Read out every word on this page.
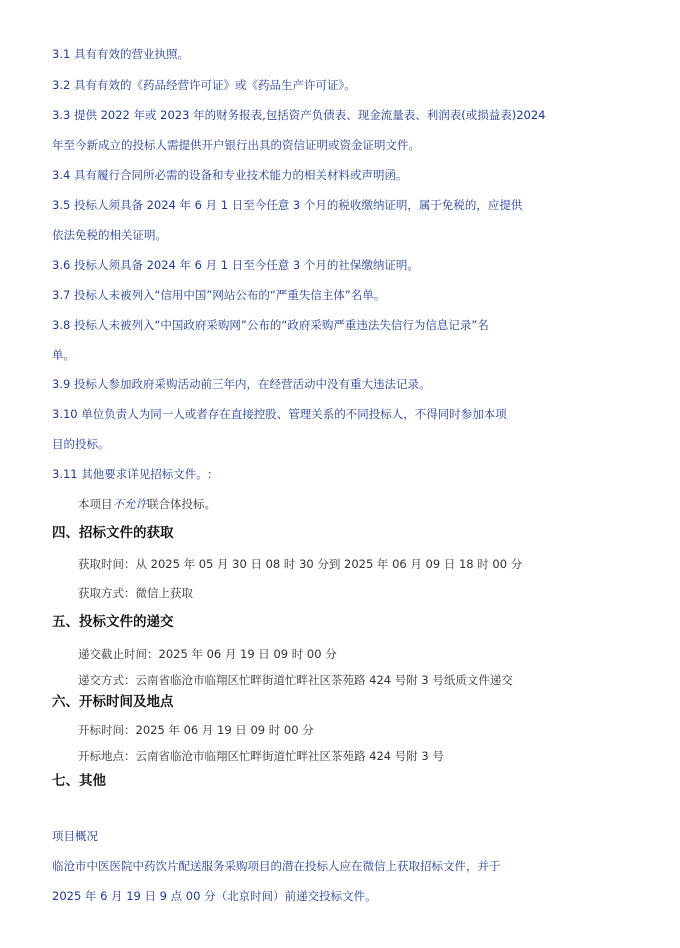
3.1 具有有效的营业执照。
3.2 具有有效的《药品经营许可证》或《药品生产许可证》。
3.3 提供 2022 年或 2023 年的财务报表,包括资产负债表、现金流量表、利润表(或损益表)2024
年至今新成立的投标人需提供开户银行出具的资信证明或资金证明文件。
3.4 具有履行合同所必需的设备和专业技术能力的相关材料或声明函。
3.5 投标人须具备 2024 年 6 月 1 日至今任意 3 个月的税收缴纳证明，属于免税的，应提供
依法免税的相关证明。
3.6 投标人须具备 2024 年 6 月 1 日至今任意 3 个月的社保缴纳证明。
3.7 投标人未被列入“信用中国”网站公布的“严重失信主体”名单。
3.8 投标人未被列入“中国政府采购网”公布的“政府采购严重违法失信行为信息记录”名
单。
3.9 投标人参加政府采购活动前三年内，在经营活动中没有重大违法记录。
3.10 单位负责人为同一人或者存在直接控股、管理关系的不同投标人，不得同时参加本项
目的投标。
3.11 其他要求详见招标文件。:
本项目不允许联合体投标。
四、招标文件的获取
获取时间：从 2025 年 05 月 30 日 08 时 30 分到 2025 年 06 月 09 日 18 时 00 分
获取方式：微信上获取
五、投标文件的递交
递交截止时间：2025 年 06 月 19 日 09 时 00 分
递交方式：云南省临沧市临翔区忙畔街道忙畔社区茶苑路 424 号附 3 号纸质文件递交
六、开标时间及地点
开标时间：2025 年 06 月 19 日 09 时 00 分
开标地点：云南省临沧市临翔区忙畔街道忙畔社区茶苑路 424 号附 3 号
七、其他
项目概况
临沧市中医医院中药饮片配送服务采购项目的潜在投标人应在微信上获取招标文件，并于
2025 年 6 月 19 日 9 点 00 分（北京时间）前递交投标文件。
